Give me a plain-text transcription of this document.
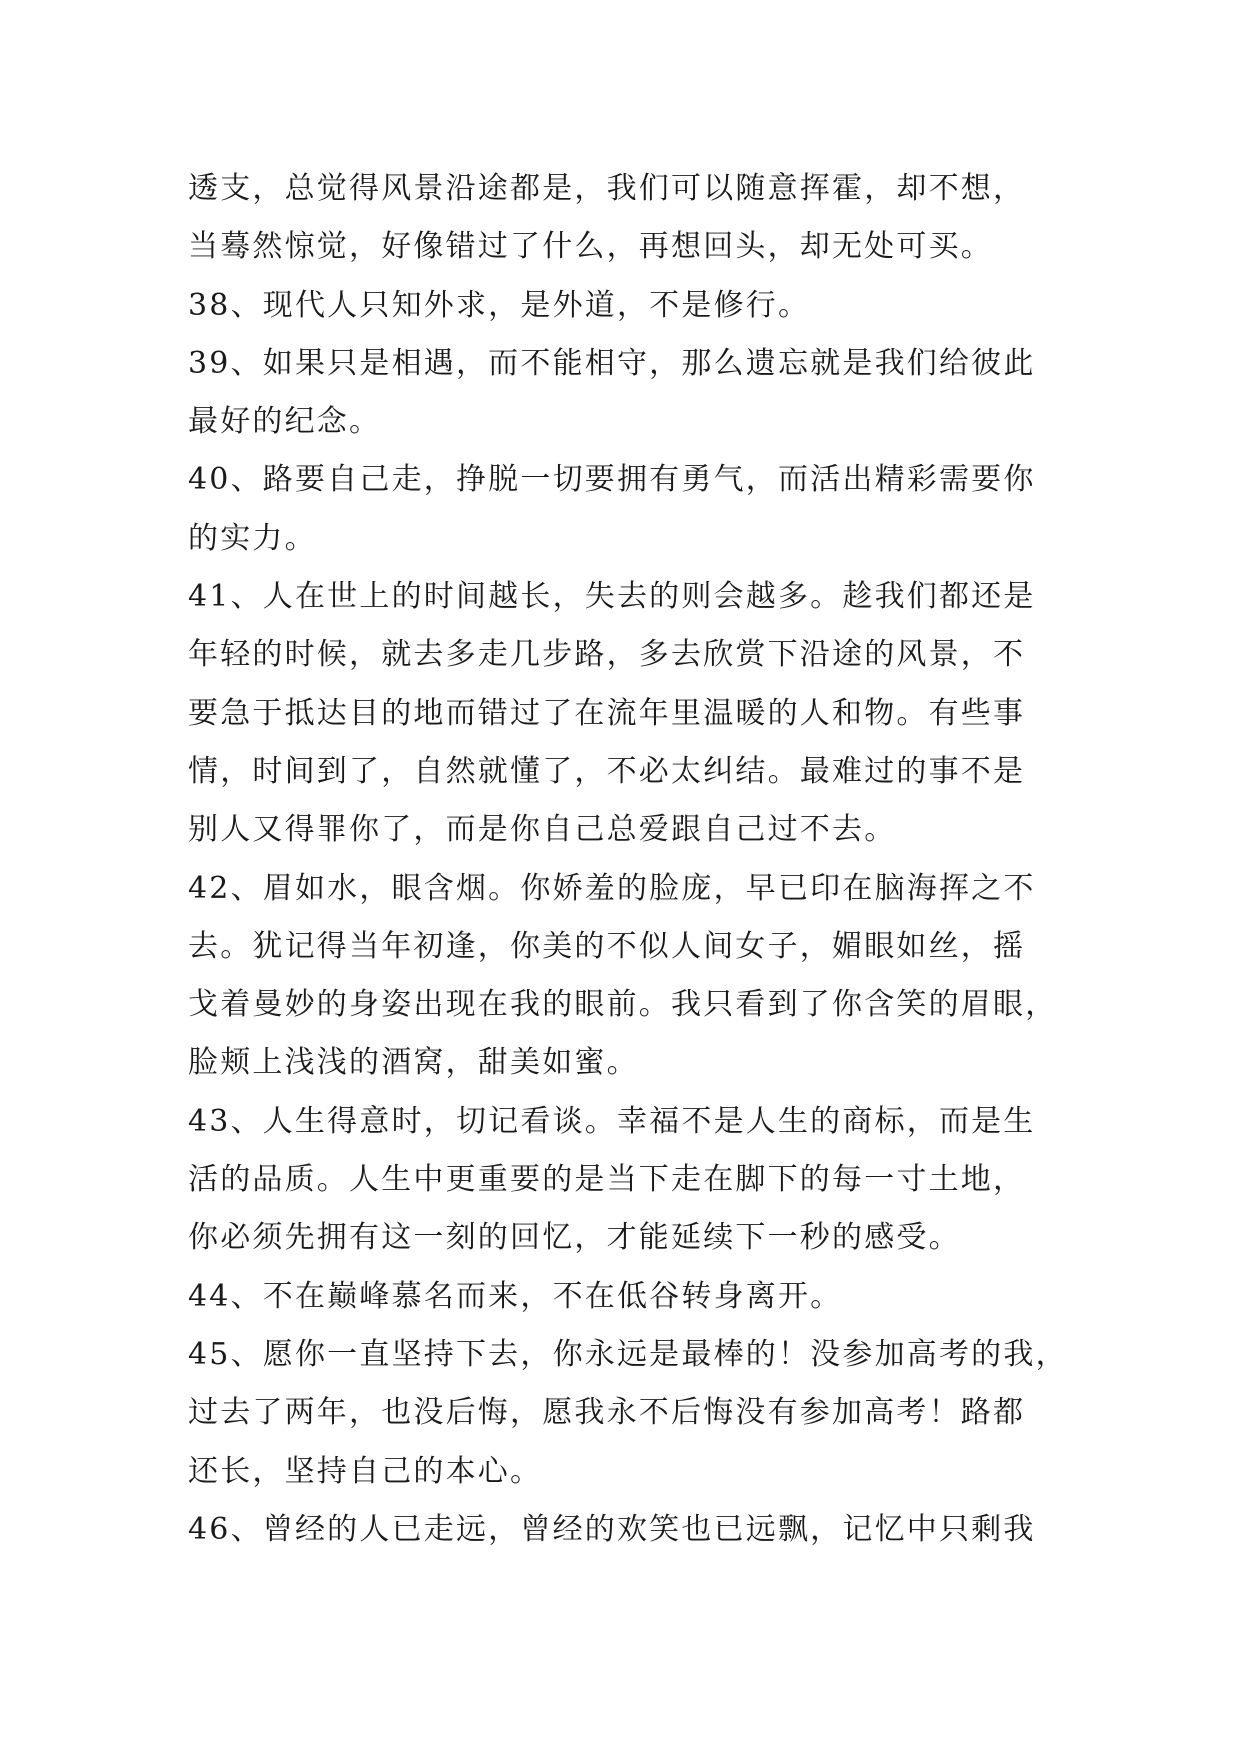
透支，总觉得风景沿途都是，我们可以随意挥霍，却不想，
当蓦然惊觉，好像错过了什么，再想回头，却无处可买。
38、现代人只知外求，是外道，不是修行。
39、如果只是相遇，而不能相守，那么遗忘就是我们给彼此
最好的纪念。
40、路要自己走，挣脱一切要拥有勇气，而活出精彩需要你
的实力。
41、人在世上的时间越长，失去的则会越多。趁我们都还是
年轻的时候，就去多走几步路，多去欣赏下沿途的风景，不
要急于抵达目的地而错过了在流年里温暖的人和物。有些事
情，时间到了，自然就懂了，不必太纠结。最难过的事不是
别人又得罪你了，而是你自己总爱跟自己过不去。
42、眉如水，眼含烟。你娇羞的脸庞，早已印在脑海挥之不
去。犹记得当年初逢，你美的不似人间女子，媚眼如丝，摇
戈着曼妙的身姿出现在我的眼前。我只看到了你含笑的眉眼，
脸颊上浅浅的酒窝，甜美如蜜。
43、人生得意时，切记看谈。幸福不是人生的商标，而是生
活的品质。人生中更重要的是当下走在脚下的每一寸土地，
你必须先拥有这一刻的回忆，才能延续下一秒的感受。
44、不在巅峰慕名而来，不在低谷转身离开。
45、愿你一直坚持下去，你永远是最棒的！没参加高考的我，
过去了两年，也没后悔，愿我永不后悔没有参加高考！路都
还长，坚持自己的本心。
46、曾经的人已走远，曾经的欢笑也已远飘，记忆中只剩我
